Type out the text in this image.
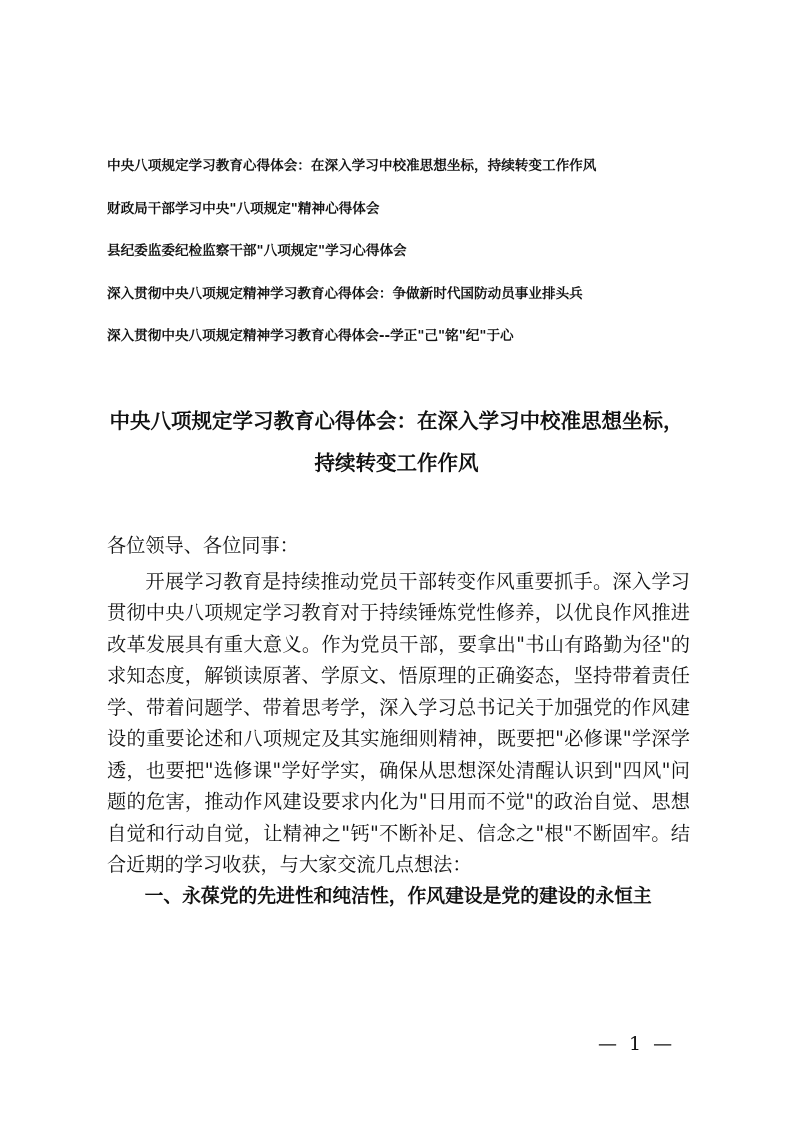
中央八项规定学习教育心得体会：在深入学习中校准思想坐标，持续转变工作作风
财政局干部学习中央"八项规定"精神心得体会
县纪委监委纪检监察干部"八项规定"学习心得体会
深入贯彻中央八项规定精神学习教育心得体会：争做新时代国防动员事业排头兵
深入贯彻中央八项规定精神学习教育心得体会--学正"己"铭"纪"于心
中央八项规定学习教育心得体会：在深入学习中校准思想坐标，持续转变工作作风

各位领导、各位同事：

开展学习教育是持续推动党员干部转变作风重要抓手。深入学习贯彻中央八项规定学习教育对于持续锤炼党性修养，以优良作风推进改革发展具有重大意义。作为党员干部，要拿出"书山有路勤为径"的求知态度，解锁读原著、学原文、悟原理的正确姿态，坚持带着责任学、带着问题学、带着思考学，深入学习总书记关于加强党的作风建设的重要论述和八项规定及其实施细则精神，既要把"必修课"学深学透，也要把"选修课"学好学实，确保从思想深处清醒认识到"四风"问题的危害，推动作风建设要求内化为"日用而不觉"的政治自觉、思想自觉和行动自觉，让精神之"钙"不断补足、信念之"根"不断固牢。结合近期的学习收获，与大家交流几点想法：

一、永葆党的先进性和纯洁性，作风建设是党的建设的永恒主

— 1 —
